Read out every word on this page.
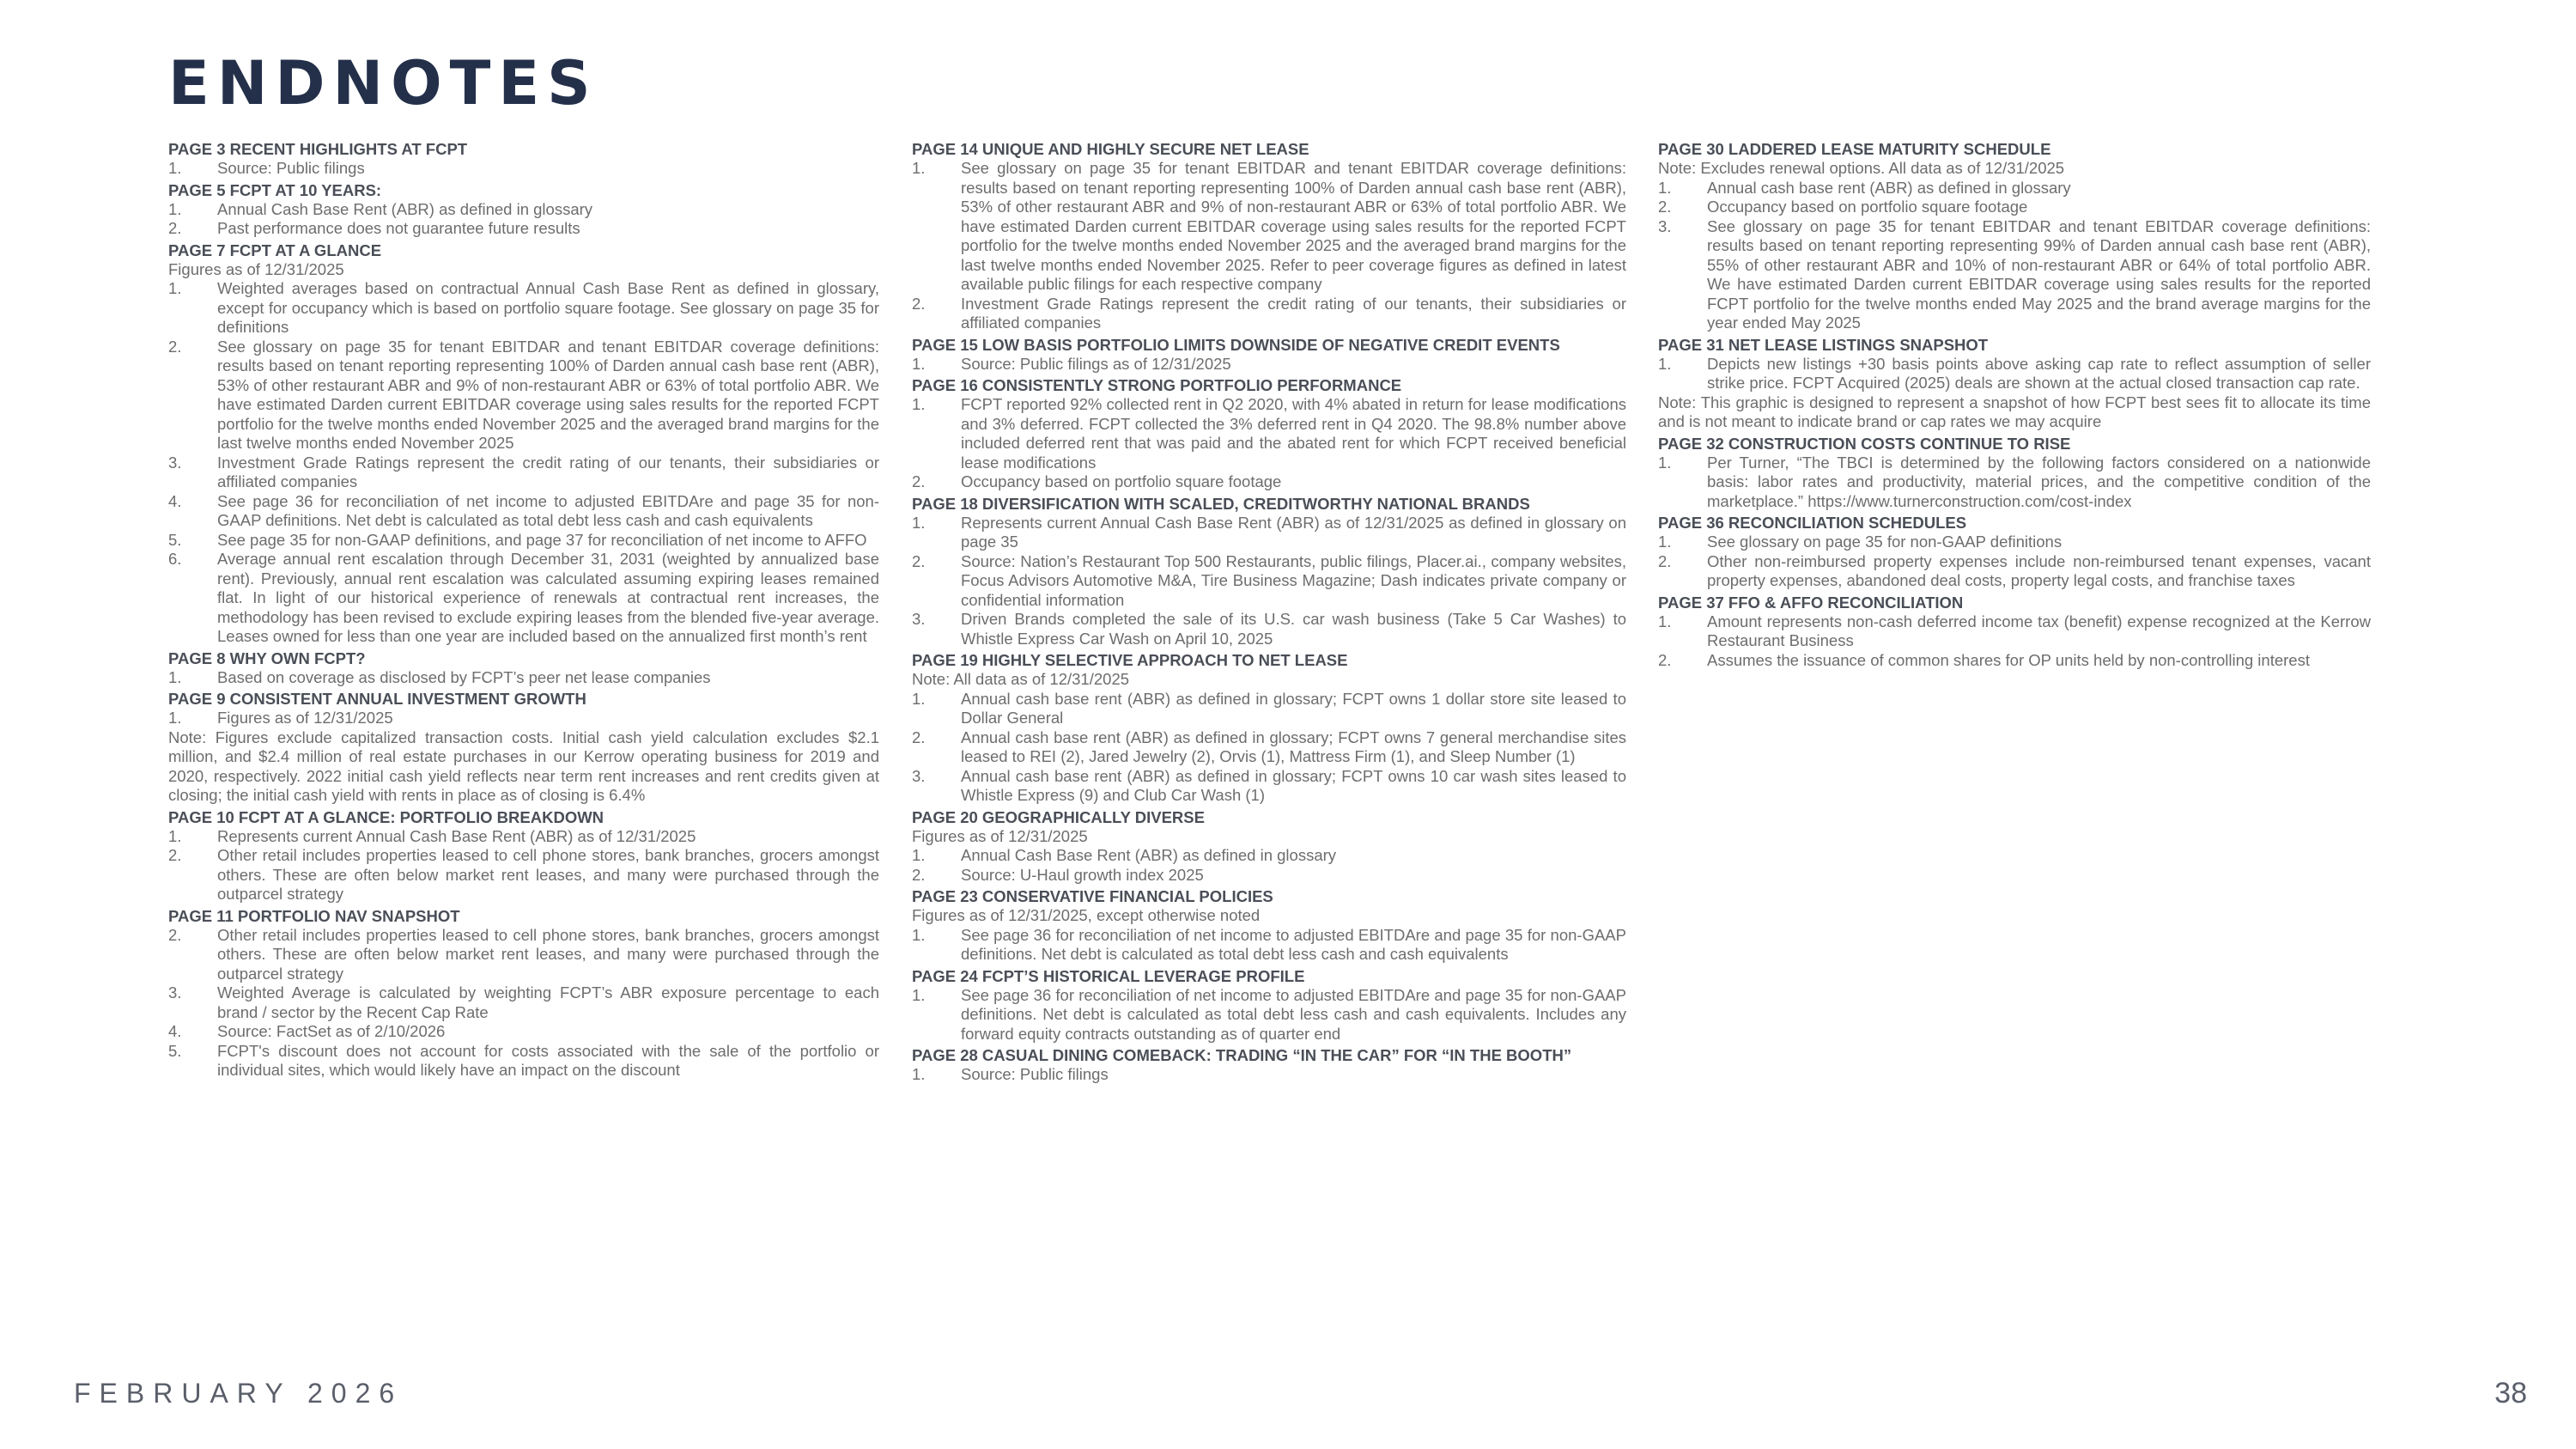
ENDNOTES
PAGE 3 RECENT HIGHLIGHTS AT FCPT
1.	Source: Public filings
PAGE 5 FCPT AT 10 YEARS:
1.	Annual Cash Base Rent (ABR) as defined in glossary
2.	Past performance does not guarantee future results
PAGE 7 FCPT AT A GLANCE
Figures as of 12/31/2025
1.	Weighted averages based on contractual Annual Cash Base Rent as defined in glossary, except for occupancy which is based on portfolio square footage. See glossary on page 35 for definitions
2.	See glossary on page 35 for tenant EBITDAR and tenant EBITDAR coverage definitions: results based on tenant reporting representing 100% of Darden annual cash base rent (ABR), 53% of other restaurant ABR and 9% of non-restaurant ABR or 63% of total portfolio ABR. We have estimated Darden current EBITDAR coverage using sales results for the reported FCPT portfolio for the twelve months ended November 2025 and the averaged brand margins for the last twelve months ended November 2025
3.	Investment Grade Ratings represent the credit rating of our tenants, their subsidiaries or affiliated companies
4.	See page 36 for reconciliation of net income to adjusted EBITDAre and page 35 for non-GAAP definitions. Net debt is calculated as total debt less cash and cash equivalents
5.	See page 35 for non-GAAP definitions, and page 37 for reconciliation of net income to AFFO
6.	Average annual rent escalation through December 31, 2031 (weighted by annualized base rent). Previously, annual rent escalation was calculated assuming expiring leases remained flat. In light of our historical experience of renewals at contractual rent increases, the methodology has been revised to exclude expiring leases from the blended five-year average. Leases owned for less than one year are included based on the annualized first month’s rent
PAGE 8 WHY OWN FCPT?
1.	Based on coverage as disclosed by FCPT’s peer net lease companies
PAGE 9 CONSISTENT ANNUAL INVESTMENT GROWTH
1.	Figures as of 12/31/2025
Note: Figures exclude capitalized transaction costs. Initial cash yield calculation excludes $2.1 million, and $2.4 million of real estate purchases in our Kerrow operating business for 2019 and 2020, respectively. 2022 initial cash yield reflects near term rent increases and rent credits given at closing; the initial cash yield with rents in place as of closing is 6.4%
PAGE 10 FCPT AT A GLANCE: PORTFOLIO BREAKDOWN
1.	Represents current Annual Cash Base Rent (ABR) as of 12/31/2025
2.	Other retail includes properties leased to cell phone stores, bank branches, grocers amongst others. These are often below market rent leases, and many were purchased through the outparcel strategy
PAGE 11 PORTFOLIO NAV SNAPSHOT
2.	Other retail includes properties leased to cell phone stores, bank branches, grocers amongst others. These are often below market rent leases, and many were purchased through the outparcel strategy
3.	Weighted Average is calculated by weighting FCPT’s ABR exposure percentage to each brand / sector by the Recent Cap Rate
4.	Source: FactSet as of 2/10/2026
5.	FCPT's discount does not account for costs associated with the sale of the portfolio or individual sites, which would likely have an impact on the discount
PAGE 14 UNIQUE AND HIGHLY SECURE NET LEASE
1.	See glossary on page 35 for tenant EBITDAR and tenant EBITDAR coverage definitions: results based on tenant reporting representing 100% of Darden annual cash base rent (ABR), 53% of other restaurant ABR and 9% of non-restaurant ABR or 63% of total portfolio ABR. We have estimated Darden current EBITDAR coverage using sales results for the reported FCPT portfolio for the twelve months ended November 2025 and the averaged brand margins for the last twelve months ended November 2025. Refer to peer coverage figures as defined in latest available public filings for each respective company
2.	Investment Grade Ratings represent the credit rating of our tenants, their subsidiaries or affiliated companies
PAGE 15 LOW BASIS PORTFOLIO LIMITS DOWNSIDE OF NEGATIVE CREDIT EVENTS
1.	Source: Public filings as of 12/31/2025
PAGE 16 CONSISTENTLY STRONG PORTFOLIO PERFORMANCE
1.	FCPT reported 92% collected rent in Q2 2020, with 4% abated in return for lease modifications and 3% deferred. FCPT collected the 3% deferred rent in Q4 2020. The 98.8% number above included deferred rent that was paid and the abated rent for which FCPT received beneficial lease modifications
2.	Occupancy based on portfolio square footage
PAGE 18 DIVERSIFICATION WITH SCALED, CREDITWORTHY NATIONAL BRANDS
1.	Represents current Annual Cash Base Rent (ABR) as of 12/31/2025 as defined in glossary on page 35
2.	Source: Nation’s Restaurant Top 500 Restaurants, public filings, Placer.ai., company websites, Focus Advisors Automotive M&A, Tire Business Magazine; Dash indicates private company or confidential information
3.	Driven Brands completed the sale of its U.S. car wash business (Take 5 Car Washes) to Whistle Express Car Wash on April 10, 2025
PAGE 19 HIGHLY SELECTIVE APPROACH TO NET LEASE
Note: All data as of 12/31/2025
1.	Annual cash base rent (ABR) as defined in glossary; FCPT owns 1 dollar store site leased to Dollar General
2.	Annual cash base rent (ABR) as defined in glossary; FCPT owns 7 general merchandise sites leased to REI (2), Jared Jewelry (2), Orvis (1), Mattress Firm (1), and Sleep Number (1)
3.	Annual cash base rent (ABR) as defined in glossary; FCPT owns 10 car wash sites leased to Whistle Express (9) and Club Car Wash (1)
PAGE 20 GEOGRAPHICALLY DIVERSE
Figures as of 12/31/2025
1.	Annual Cash Base Rent (ABR) as defined in glossary
2.	Source: U-Haul growth index 2025
PAGE 23 CONSERVATIVE FINANCIAL POLICIES
Figures as of 12/31/2025, except otherwise noted
1.	See page 36 for reconciliation of net income to adjusted EBITDAre and page 35 for non-GAAP definitions. Net debt is calculated as total debt less cash and cash equivalents
PAGE 24 FCPT’S HISTORICAL LEVERAGE PROFILE
1.	See page 36 for reconciliation of net income to adjusted EBITDAre and page 35 for non-GAAP definitions. Net debt is calculated as total debt less cash and cash equivalents. Includes any forward equity contracts outstanding as of quarter end
PAGE 28 CASUAL DINING COMEBACK: TRADING “IN THE CAR” FOR “IN THE BOOTH”
1.	Source: Public filings
PAGE 30 LADDERED LEASE MATURITY SCHEDULE
Note: Excludes renewal options. All data as of 12/31/2025
1.	Annual cash base rent (ABR) as defined in glossary
2.	Occupancy based on portfolio square footage
3.	See glossary on page 35 for tenant EBITDAR and tenant EBITDAR coverage definitions: results based on tenant reporting representing 99% of Darden annual cash base rent (ABR), 55% of other restaurant ABR and 10% of non-restaurant ABR or 64% of total portfolio ABR. We have estimated Darden current EBITDAR coverage using sales results for the reported FCPT portfolio for the twelve months ended May 2025 and the brand average margins for the year ended May 2025
PAGE 31 NET LEASE LISTINGS SNAPSHOT
1.	Depicts new listings +30 basis points above asking cap rate to reflect assumption of seller strike price. FCPT Acquired (2025) deals are shown at the actual closed transaction cap rate.
Note: This graphic is designed to represent a snapshot of how FCPT best sees fit to allocate its time and is not meant to indicate brand or cap rates we may acquire
PAGE 32 CONSTRUCTION COSTS CONTINUE TO RISE
1.	Per Turner, “The TBCI is determined by the following factors considered on a nationwide basis: labor rates and productivity, material prices, and the competitive condition of the marketplace.” https://www.turnerconstruction.com/cost-index
PAGE 36 RECONCILIATION SCHEDULES
1.	See glossary on page 35 for non-GAAP definitions
2.	Other non-reimbursed property expenses include non-reimbursed tenant expenses, vacant property expenses, abandoned deal costs, property legal costs, and franchise taxes
PAGE 37 FFO & AFFO RECONCILIATION
1.	Amount represents non-cash deferred income tax (benefit) expense recognized at the Kerrow Restaurant Business
2.	Assumes the issuance of common shares for OP units held by non-controlling interest
FEBRUARY 2026	38
